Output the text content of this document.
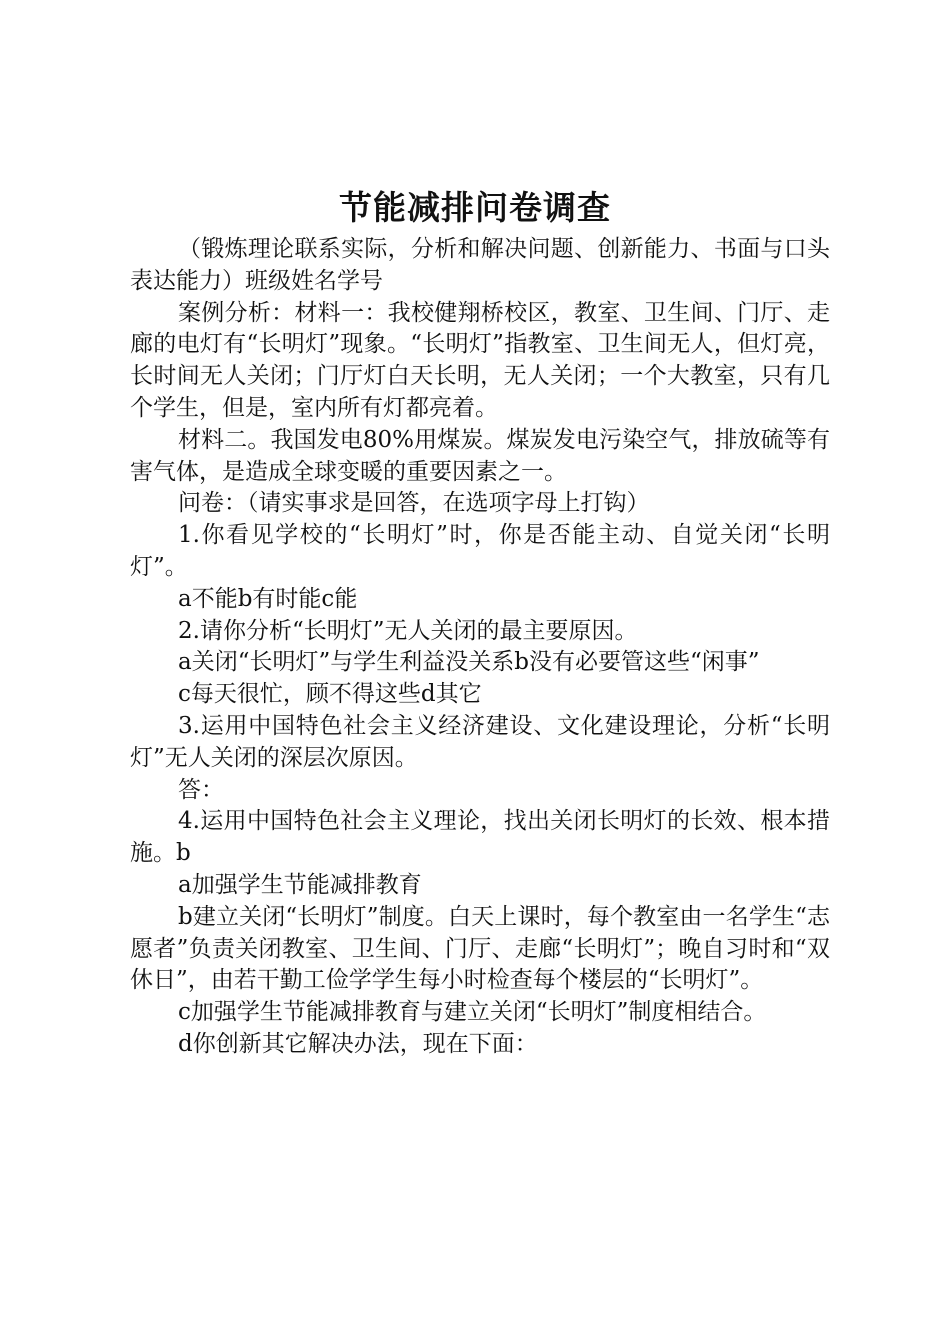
节能减排问卷调查

（锻炼理论联系实际，分析和解决问题、创新能力、书面与口头表达能力）班级姓名学号

案例分析：材料一：我校健翔桥校区，教室、卫生间、门厅、走廊的电灯有“长明灯”现象。“长明灯”指教室、卫生间无人，但灯亮，长时间无人关闭；门厅灯白天长明，无人关闭；一个大教室，只有几个学生，但是，室内所有灯都亮着。

材料二。我国发电80%用煤炭。煤炭发电污染空气，排放硫等有害气体，是造成全球变暖的重要因素之一。

问卷：（请实事求是回答，在选项字母上打钩）

1.你看见学校的“长明灯”时，你是否能主动、自觉关闭“长明灯”。

a不能b有时能c能

2.请你分析“长明灯”无人关闭的最主要原因。

a关闭“长明灯”与学生利益没关系b没有必要管这些“闲事”

c每天很忙，顾不得这些d其它

3.运用中国特色社会主义经济建设、文化建设理论，分析“长明灯”无人关闭的深层次原因。

答：

4.运用中国特色社会主义理论，找出关闭长明灯的长效、根本措施。b

a加强学生节能减排教育

b建立关闭“长明灯”制度。白天上课时，每个教室由一名学生“志愿者”负责关闭教室、卫生间、门厅、走廊“长明灯”；晚自习时和“双休日”，由若干勤工俭学学生每小时检查每个楼层的“长明灯”。

c加强学生节能减排教育与建立关闭“长明灯”制度相结合。

d你创新其它解决办法，现在下面：
